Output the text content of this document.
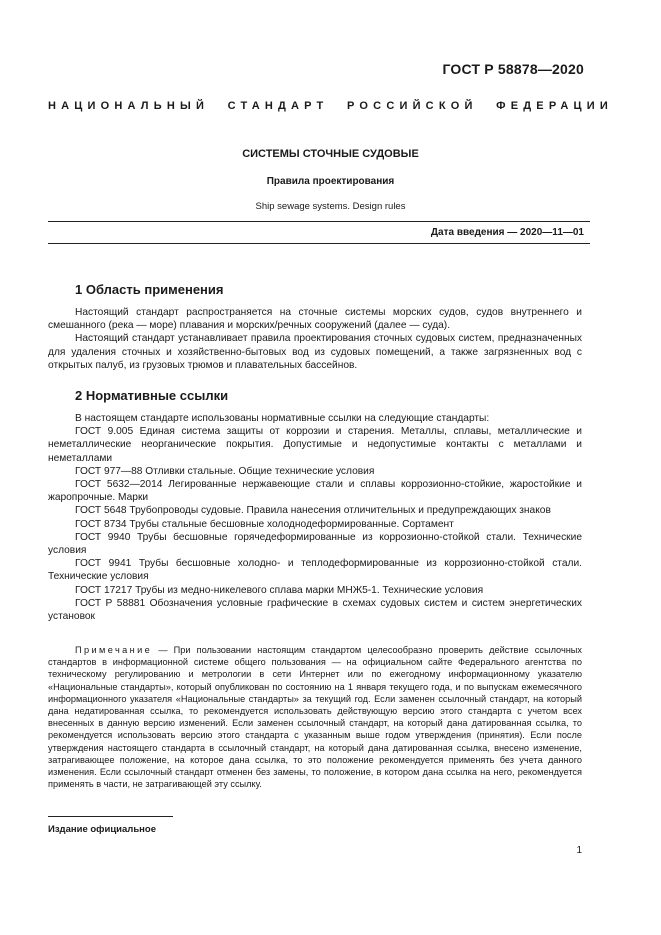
ГОСТ Р 58878—2020
НАЦИОНАЛЬНЫЙ СТАНДАРТ РОССИЙСКОЙ ФЕДЕРАЦИИ
СИСТЕМЫ СТОЧНЫЕ СУДОВЫЕ
Правила проектирования
Ship sewage systems. Design rules
Дата введения — 2020—11—01
1 Область применения

Настоящий стандарт распространяется на сточные системы морских судов, судов внутреннего и смешанного (река — море) плавания и морских/речных сооружений (далее — суда).

Настоящий стандарт устанавливает правила проектирования сточных судовых систем, предназначенных для удаления сточных и хозяйственно-бытовых вод из судовых помещений, а также загрязненных вод с открытых палуб, из грузовых трюмов и плавательных бассейнов.

2 Нормативные ссылки

В настоящем стандарте использованы нормативные ссылки на следующие стандарты:

ГОСТ 9.005 Единая система защиты от коррозии и старения. Металлы, сплавы, металлические и неметаллические неорганические покрытия. Допустимые и недопустимые контакты с металлами и неметаллами

ГОСТ 977—88 Отливки стальные. Общие технические условия

ГОСТ 5632—2014 Легированные нержавеющие стали и сплавы коррозионно-стойкие, жаростойкие и жаропрочные. Марки

ГОСТ 5648 Трубопроводы судовые. Правила нанесения отличительных и предупреждающих знаков

ГОСТ 8734 Трубы стальные бесшовные холоднодеформированные. Сортамент

ГОСТ 9940 Трубы бесшовные горячедеформированные из коррозионно-стойкой стали. Технические условия

ГОСТ 9941 Трубы бесшовные холодно- и теплодеформированные из коррозионно-стойкой стали. Технические условия

ГОСТ 17217 Трубы из медно-никелевого сплава марки МНЖ5-1. Технические условия

ГОСТ Р 58881 Обозначения условные графические в схемах судовых систем и систем энергетических установок

Примечание — При пользовании настоящим стандартом целесообразно проверить действие ссылочных стандартов в информационной системе общего пользования — на официальном сайте Федерального агентства по техническому регулированию и метрологии в сети Интернет или по ежегодному информационному указателю «Национальные стандарты», который опубликован по состоянию на 1 января текущего года, и по выпускам ежемесячного информационного указателя «Национальные стандарты» за текущий год. Если заменен ссылочный стандарт, на который дана недатированная ссылка, то рекомендуется использовать действующую версию этого стандарта с учетом всех внесенных в данную версию изменений. Если заменен ссылочный стандарт, на который дана датированная ссылка, то рекомендуется использовать версию этого стандарта с указанным выше годом утверждения (принятия). Если после утверждения настоящего стандарта в ссылочный стандарт, на который дана датированная ссылка, внесено изменение, затрагивающее положение, на которое дана ссылка, то это положение рекомендуется применять без учета данного изменения. Если ссылочный стандарт отменен без замены, то положение, в котором дана ссылка на него, рекомендуется применять в части, не затрагивающей эту ссылку.
Издание официальное
1
